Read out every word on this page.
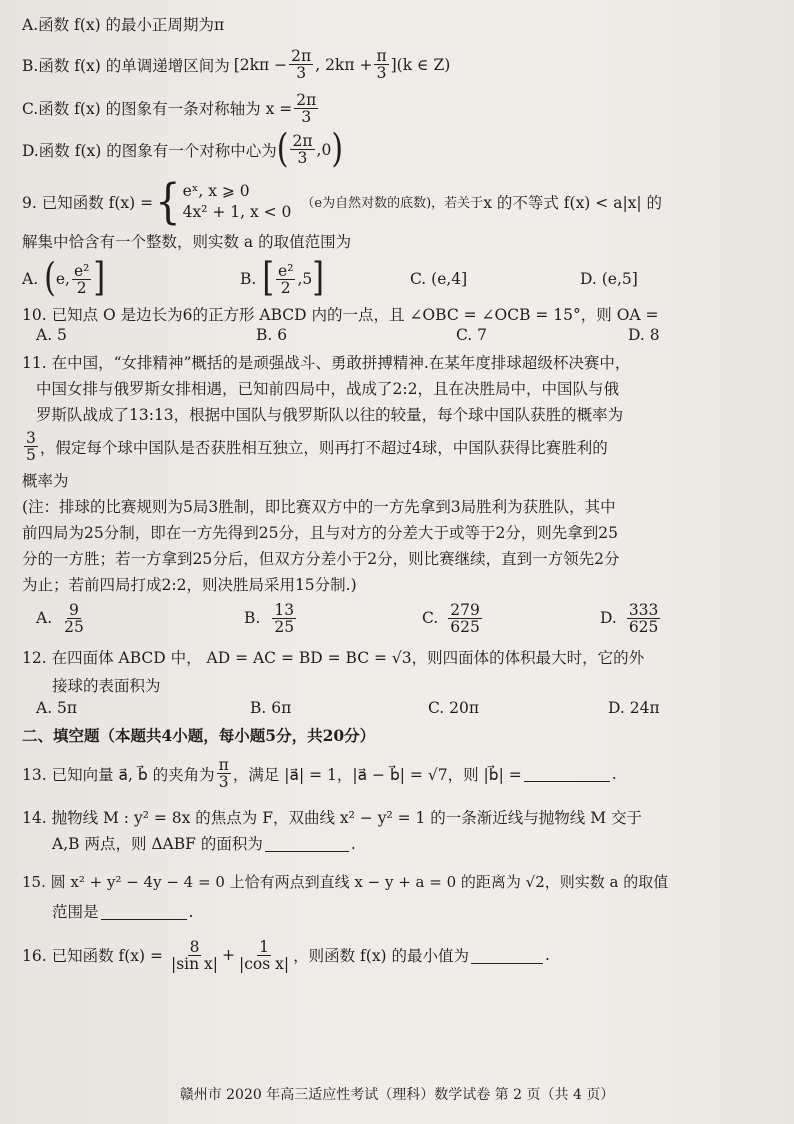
A.函数 f(x) 的最小正周期为π
B.函数 f(x) 的单调递增区间为 [$2k\pi - \frac{2\pi}{3}$ , $2k\pi + \frac{\pi}{3} ](k$ ∈ Z)
C.函数 f(x) 的图象有一条对称轴为 $x = \frac{2\pi}{3}$
D.函数 f(x) 的图象有一个对称中心为 ( $\frac{2\pi}{3} ,0$ )
9. 已知函数 f(x) = { eˣ, x ⩾ 0
4x² + 1, x < 0 （e为自然对数的底数)，若关于 x 的不等式 f(x) < a|x| 的
解集中恰含有一个整数，则实数 a 的取值范围为
A. ( e, $\frac{\text{e²}}{2}$ ]	B. [ $\frac{\text{e²}}{2} ,5$ ]	C. (e,4]	D. (e,5]
10. 已知点 O 是边长为6的正方形 ABCD 内的一点，且 ∠OBC = ∠OCB = 15°，则 OA =
A. 5	B. 6	C. 7	D. 8
11. 在中国，“女排精神”概括的是顽强战斗、勇敢拼搏精神.在某年度排球超级杯决赛中，
中国女排与俄罗斯女排相遇，已知前四局中，战成了2:2，且在决胜局中，中国队与俄
罗斯队战成了13:13，根据中国队与俄罗斯队以往的较量，每个球中国队获胜的概率为
$\frac{3}{5}$ ，假定每个球中国队是否获胜相互独立，则再打不超过4球，中国队获得比赛胜利的
概率为
(注：排球的比赛规则为5局3胜制，即比赛双方中的一方先拿到3局胜利为获胜队，其中
前四局为25分制，即在一方先得到25分，且与对方的分差大于或等于2分，则先拿到25
分的一方胜；若一方拿到25分后，但双方分差小于2分，则比赛继续，直到一方领先2分
为止；若前四局打成2:2，则决胜局采用15分制.)
A. $\frac{9}{25}$	B. $\frac{13}{25}$	C. $\frac{279}{625}$	D. $\frac{333}{625}$
12. 在四面体 ABCD 中， AD = AC = BD = BC = √3，则四面体的体积最大时，它的外
接球的表面积为
A. 5π	B. 6π	C. 20π	D. 24π
二、填空题（本题共4小题，每小题5分，共20分）
13. 已知向量 a⃗, b⃗ 的夹角为 $\frac{\pi}{3}$ ，满足 |a⃗| = 1，|a⃗ − b⃗| = √7，则 |b⃗| =	.
14. 抛物线 M : y² = 8x 的焦点为 F，双曲线 x² − y² = 1 的一条渐近线与抛物线 M 交于
A,B 两点，则 ΔABF 的面积为	.
15. 圆 x² + y² − 4y − 4 = 0 上恰有两点到直线 x − y + a = 0 的距离为 √2，则实数 a 的取值
范围是	.
16. 已知函数 $f(x) = \frac{8}{\text{|sin x|}} + \frac{1}{\text{|cos x|}}$ ，则函数 f(x) 的最小值为	.
赣州市 2020 年高三适应性考试（理科）数学试卷 第 2 页（共 4 页）
